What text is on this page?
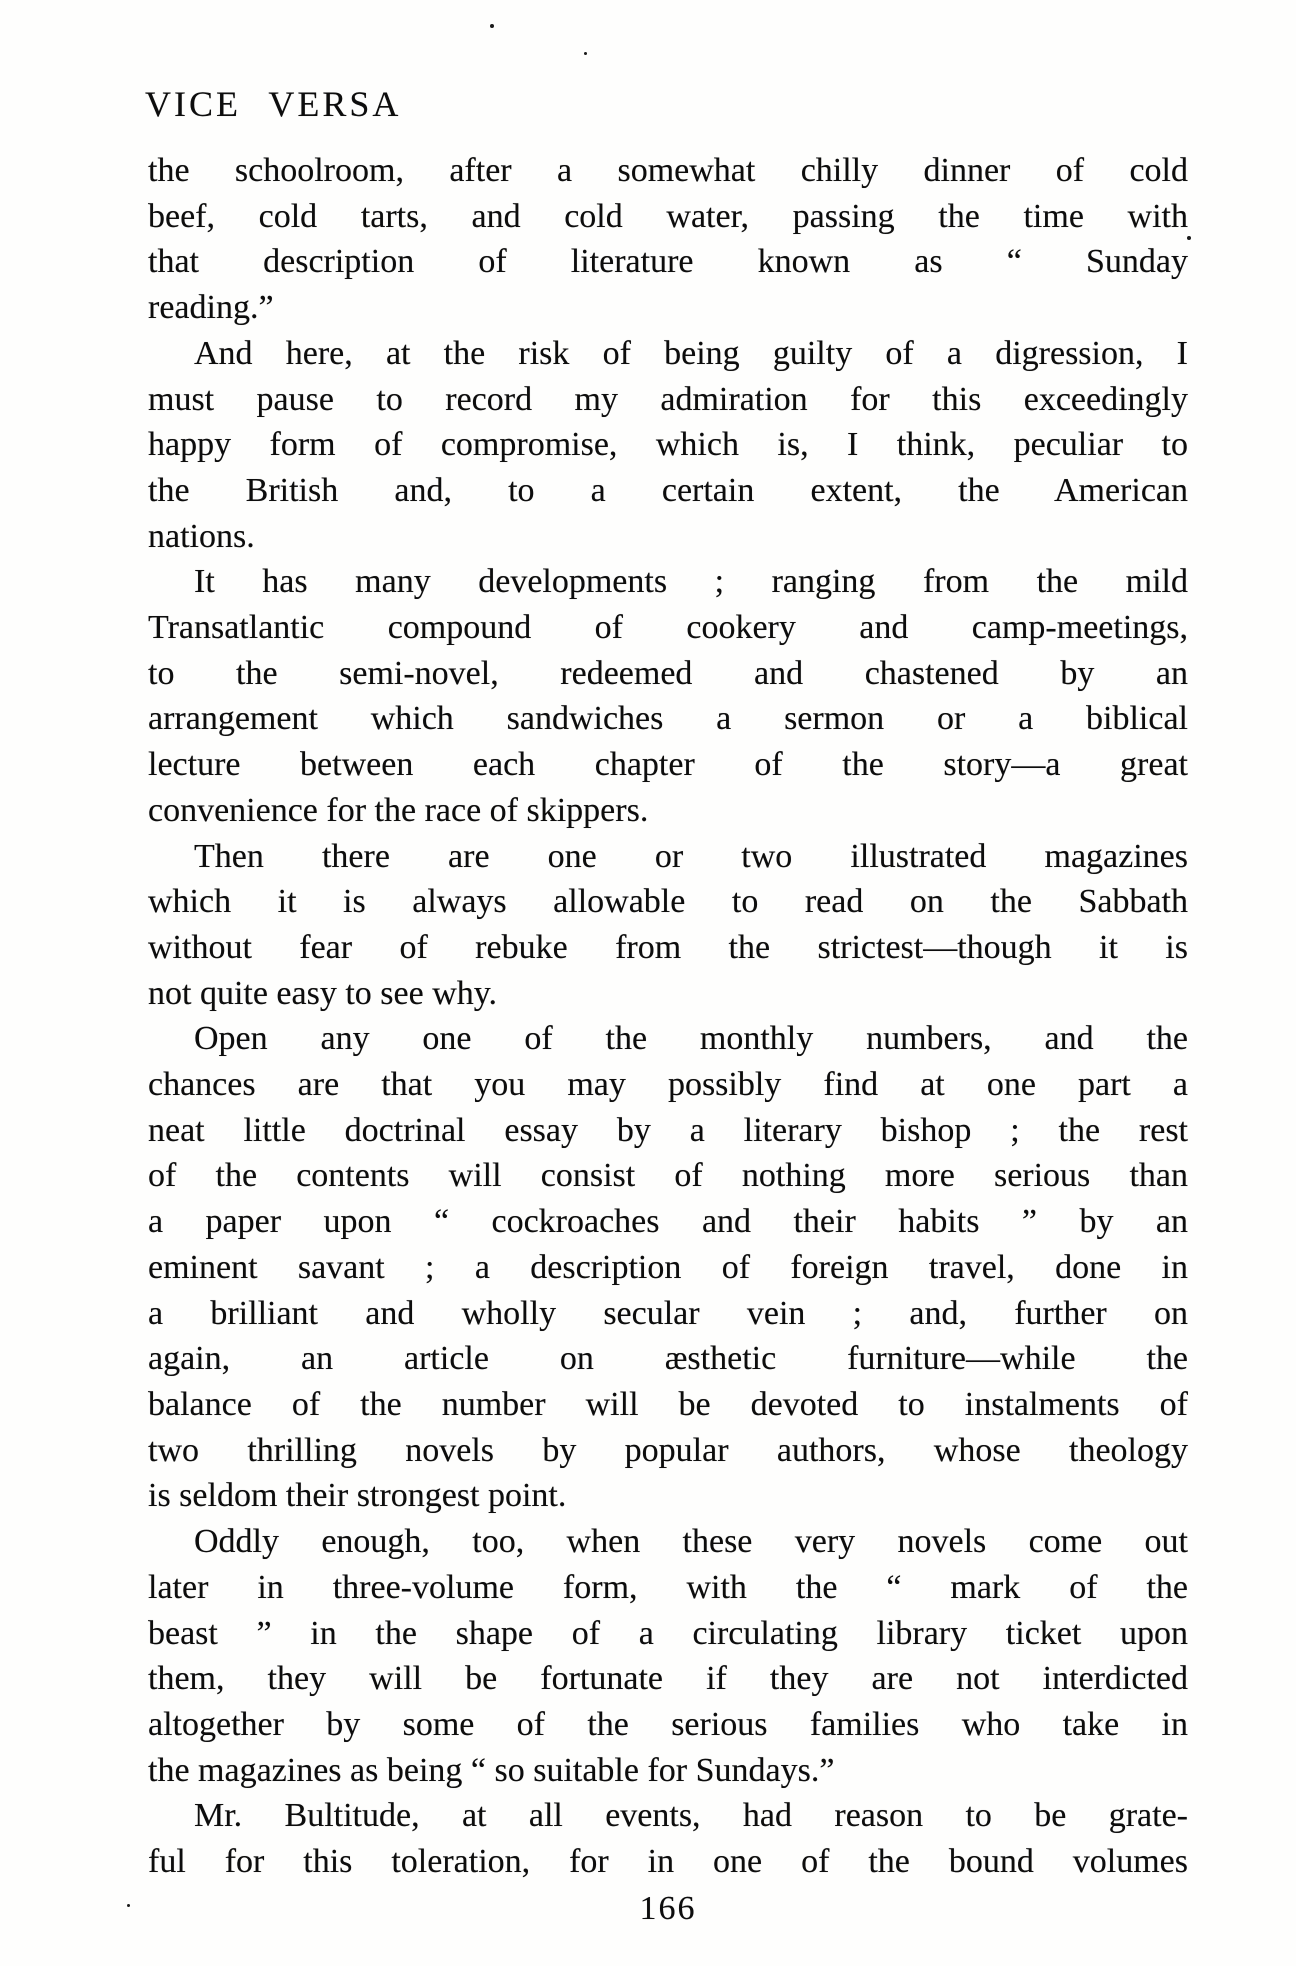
VICE VERSA
the schoolroom, after a somewhat chilly dinner of cold
beef, cold tarts, and cold water, passing the time with
that description of literature known as “ Sunday
reading.”
And here, at the risk of being guilty of a digression, I
must pause to record my admiration for this exceedingly
happy form of compromise, which is, I think, peculiar to
the British and, to a certain extent, the American
nations.
It has many developments ; ranging from the mild
Transatlantic compound of cookery and camp-meetings,
to the semi-novel, redeemed and chastened by an
arrangement which sandwiches a sermon or a biblical
lecture between each chapter of the story—a great
convenience for the race of skippers.
Then there are one or two illustrated magazines
which it is always allowable to read on the Sabbath
without fear of rebuke from the strictest—though it is
not quite easy to see why.
Open any one of the monthly numbers, and the
chances are that you may possibly find at one part a
neat little doctrinal essay by a literary bishop ; the rest
of the contents will consist of nothing more serious than
a paper upon “ cockroaches and their habits ” by an
eminent savant ; a description of foreign travel, done in
a brilliant and wholly secular vein ; and, further on
again, an article on æsthetic furniture—while the
balance of the number will be devoted to instalments of
two thrilling novels by popular authors, whose theology
is seldom their strongest point.
Oddly enough, too, when these very novels come out
later in three-volume form, with the “ mark of the
beast ” in the shape of a circulating library ticket upon
them, they will be fortunate if they are not interdicted
altogether by some of the serious families who take in
the magazines as being “ so suitable for Sundays.”
Mr. Bultitude, at all events, had reason to be grate-
ful for this toleration, for in one of the bound volumes
166
